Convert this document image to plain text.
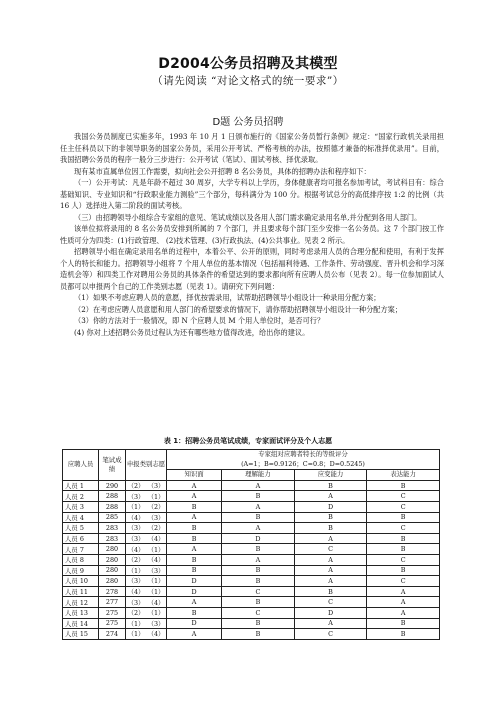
D2004公务员招聘及其模型
（请先阅读 “对论文格式的统一要求”）
D题 公务员招聘

我国公务员制度已实施多年，1993 年 10 月 1 日颁布施行的《国家公务员暂行条例》规定：“国家行政机关录用担任主任科员以下的非领导职务的国家公务员，采用公开考试、严格考核的办法，按照德才兼备的标准择优录用”。目前，我国招聘公务员的程序一般分三步进行：公开考试（笔试）、面试考核、择优录取。

现有某市直属单位因工作需要，拟向社会公开招聘 8 名公务员，具体的招聘办法和程序如下：

（一）公开考试：凡是年龄不超过 30 周岁，大学专科以上学历，身体健康者均可报名参加考试，考试科目有：综合基础知识、专业知识和“行政职业能力测验”三个部分，每科满分为 100 分。根据考试总分的高低排序按 1:2 的比例（共 16 人）选择进入第二阶段的面试考核。

（三）由招聘领导小组综合专家组的意见、笔试成绩以及各用人部门需求确定录用名单,并分配到各用人部门。

该单位拟将录用的 8 名公务员安排到所属的 7 个部门，并且要求每个部门至少安排一名公务员。这 7 个部门按工作性质可分为四类：(1)行政管理、 (2)技术管理、(3)行政执法、(4)公共事业。见表 2 所示。

招聘领导小组在确定录用名单的过程中，本着公平、公开的原则，同时考虑录用人员的合理分配和使用，有利于发挥个人的特长和能力。招聘领导小组将 7 个用人单位的基本情况（包括福利待遇、工作条件、劳动强度、晋升机会和学习深造机会等）和四类工作对聘用公务员的具体条件的希望达到的要求都向所有应聘人员公布（见表 2）。每一位参加面试人员都可以申报两个自己的工作类别志愿（见表 1）。请研究下列问题：

（1）如果不考虑应聘人员的意愿，择优按需录用，试帮助招聘领导小组设计一种录用分配方案；

（2）在考虑应聘人员意愿和用人部门的希望要求的情况下，请你帮助招聘领导小组设计一种分配方案；

（3）你的方法对于一般情况，即 N 个应聘人员 M 个用人单位时，是否可行？

(4) 你对上述招聘公务员过程认为还有哪些地方值得改进，给出你的建议。

表 1：招聘公务员笔试成绩，专家面试评分及个人志愿
应聘人员	笔试成绩	申报类别志愿		专家组对应聘者特长的等级评分			
				(A=1；B=0.9126；C=0.8；D=0.5245)			
				知识面	理解能力	应变能力	表达能力
人员 1	290	（2）	（3）	A	A	B	B
人员 2	288	（3）	（1）	A	B	A	C
人员 3	288	（1）	（2）	B	A	D	C
人员 4	285	（4）	（3）	A	B	B	B
人员 5	283	（3）	（2）	B	A	B	C
人员 6	283	（3）	（4）	B	D	A	B
人员 7	280	（4）	（1）	A	B	C	B
人员 8	280	（2）	（4）	B	A	A	C
人员 9	280	（1）	（3）	B	B	A	B
人员 10	280	（3）	（1）	D	B	A	C
人员 11	278	（4）	（1）	D	C	B	A
人员 12	277	（3）	（4）	A	B	C	A
人员 13	275	（2）	（1）	B	C	D	A
人员 14	275	（1）	（3）	D	B	A	B
人员 15	274	（1）	（4）	A	B	C	B
